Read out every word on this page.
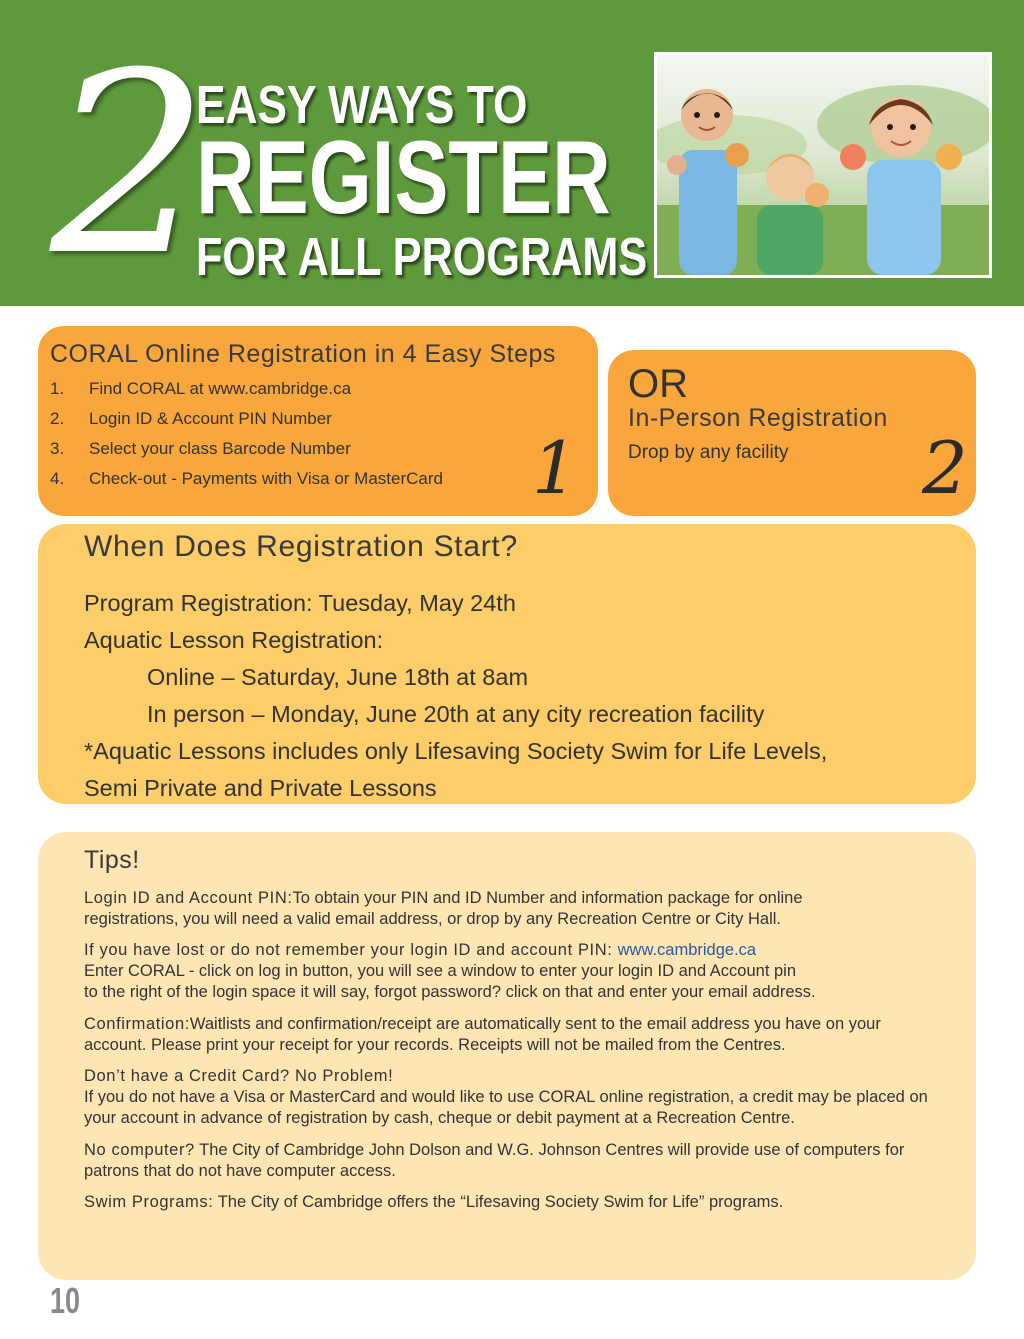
2
EASY WAYS TO
REGISTER
FOR ALL PROGRAMS
CORAL Online Registration in 4 Easy Steps
1. Find CORAL at www.cambridge.ca
2. Login ID & Account PIN Number
3. Select your class Barcode Number
4. Check-out - Payments with Visa or MasterCard 1
OR
In-Person Registration
Drop by any facility 2
When Does Registration Start?
Program Registration: Tuesday, May 24th
Aquatic Lesson Registration:
Online – Saturday, June 18th at 8am
In person – Monday, June 20th at any city recreation facility
*Aquatic Lessons includes only Lifesaving Society Swim for Life Levels,
Semi Private and Private Lessons
Tips!
Login ID and Account PIN:To obtain your PIN and ID Number and information package for online
registrations, you will need a valid email address, or drop by any Recreation Centre or City Hall.
If you have lost or do not remember your login ID and account PIN: www.cambridge.ca
Enter CORAL - click on log in button, you will see a window to enter your login ID and Account pin
to the right of the login space it will say, forgot password? click on that and enter your email address.
Confirmation:Waitlists and confirmation/receipt are automatically sent to the email address you have on your
account. Please print your receipt for your records. Receipts will not be mailed from the Centres.
Don’t have a Credit Card? No Problem!
If you do not have a Visa or MasterCard and would like to use CORAL online registration, a credit may be placed on
your account in advance of registration by cash, cheque or debit payment at a Recreation Centre.
No computer? The City of Cambridge John Dolson and W.G. Johnson Centres will provide use of computers for
patrons that do not have computer access.
Swim Programs: The City of Cambridge offers the “Lifesaving Society Swim for Life” programs.
10
